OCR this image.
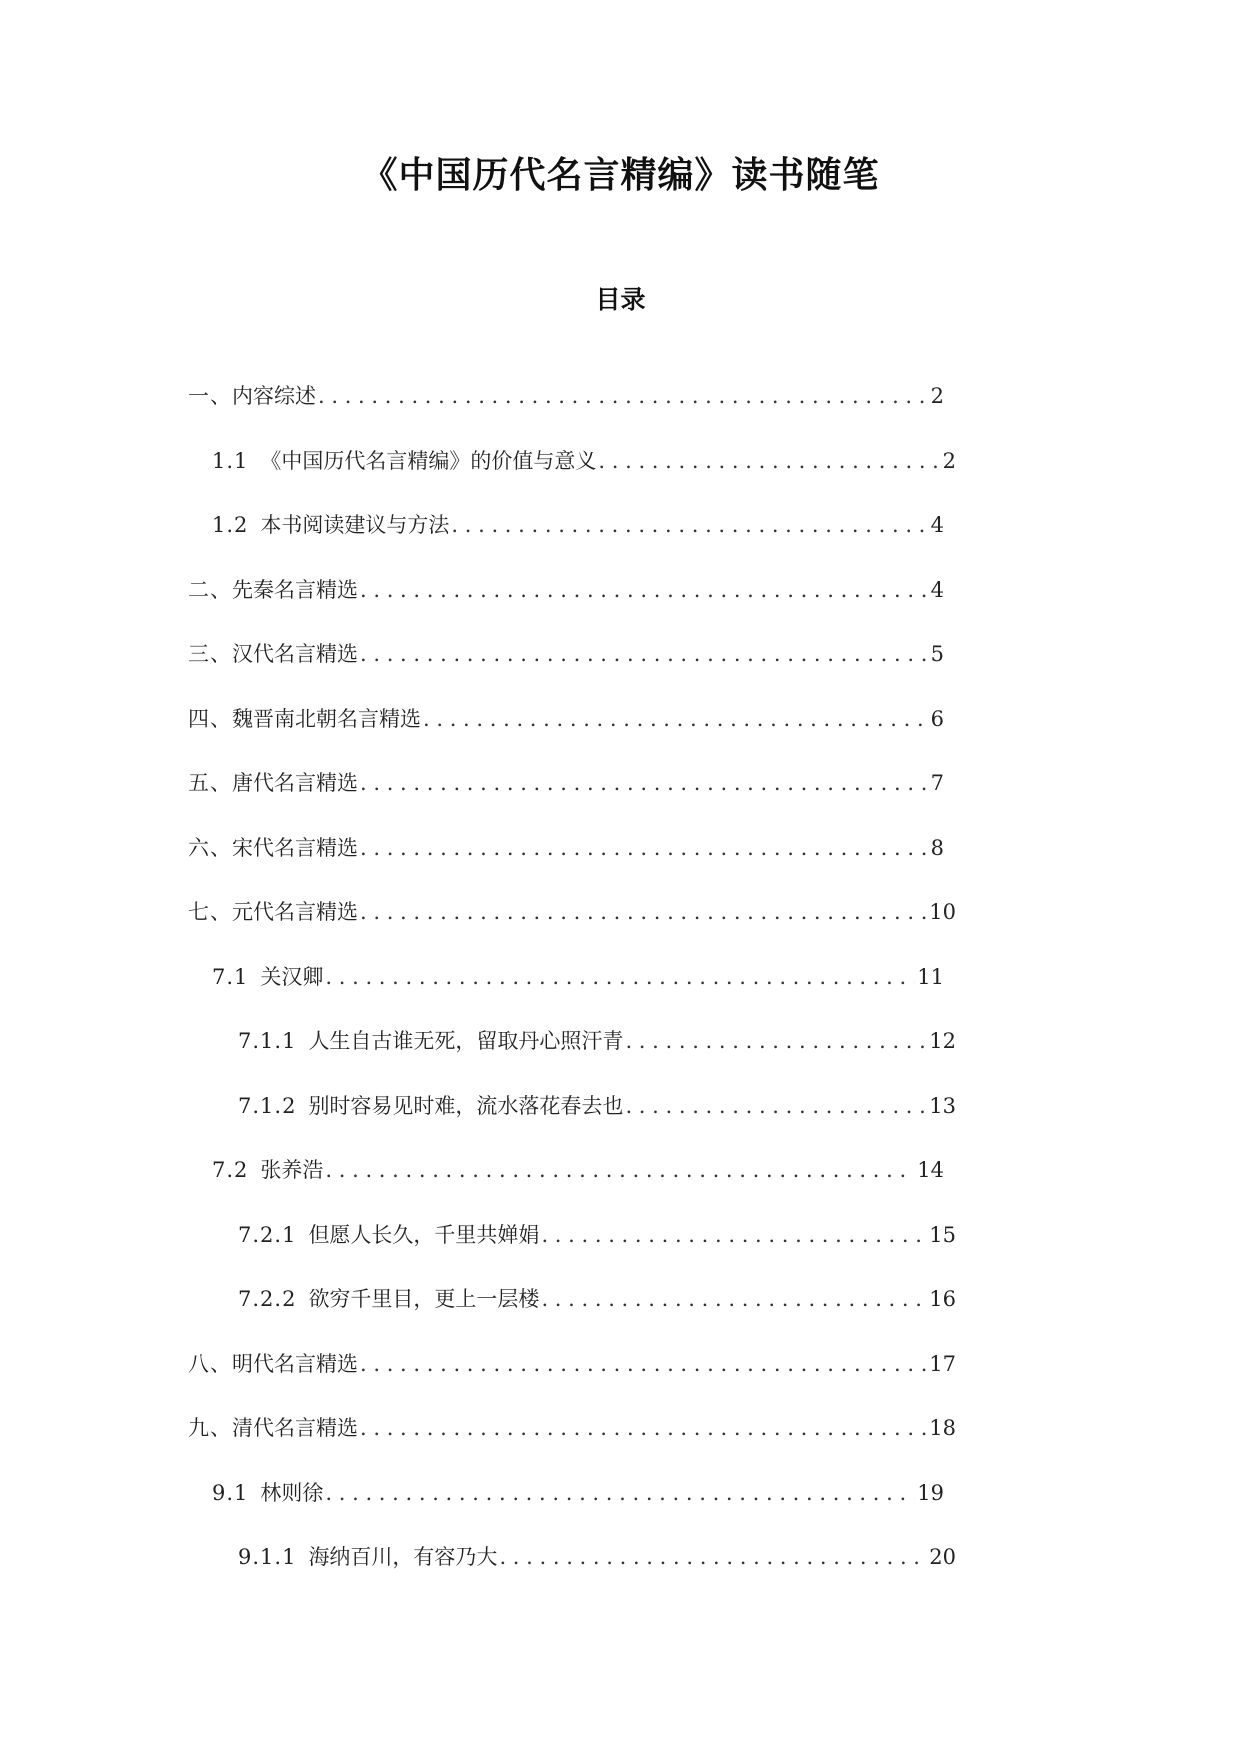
《中国历代名言精编》读书随笔
目录
一、 内容综述 . . .	2
1.1 《中国历代名言精编》的价值与意义 . . .	2
1.2 本书阅读建议与方法 . . .	4
二、 先秦名言精选 . . .	4
三、 汉代名言精选 . . .	5
四、 魏晋南北朝名言精选 . . .	6
五、 唐代名言精选 . . .	7
六、 宋代名言精选 . . .	8
七、 元代名言精选 . . .	10
7.1 关汉卿 . . .	11
7.1.1 人生自古谁无死，留取丹心照汗青 . . .	12
7.1.2 别时容易见时难，流水落花春去也 . . .	13
7.2 张养浩 . . .	14
7.2.1 但愿人长久，千里共婵娟 . . .	15
7.2.2 欲穷千里目，更上一层楼 . . .	16
八、 明代名言精选 . . .	17
九、 清代名言精选 . . .	18
9.1 林则徐 . . .	19
9.1.1 海纳百川，有容乃大 . . .	20
